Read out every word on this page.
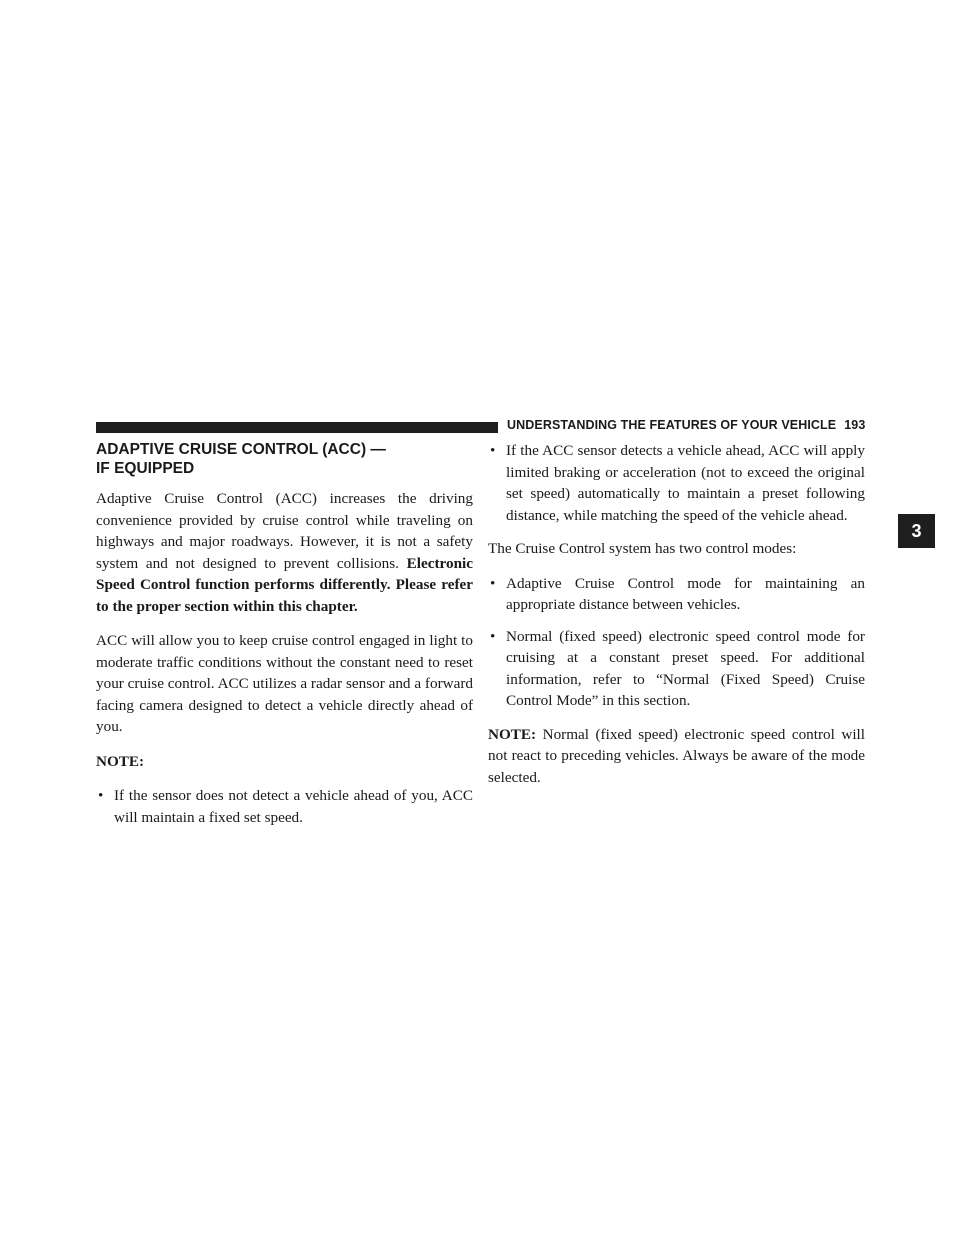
UNDERSTANDING THE FEATURES OF YOUR VEHICLE 193
3
ADAPTIVE CRUISE CONTROL (ACC) —
IF EQUIPPED

Adaptive Cruise Control (ACC) increases the driving convenience provided by cruise control while traveling on highways and major roadways. However, it is not a safety system and not designed to prevent collisions. Electronic Speed Control function performs differently. Please refer to the proper section within this chapter.

ACC will allow you to keep cruise control engaged in light to moderate traffic conditions without the constant need to reset your cruise control. ACC utilizes a radar sensor and a forward facing camera designed to detect a vehicle directly ahead of you.

NOTE:

• If the sensor does not detect a vehicle ahead of you, ACC will maintain a fixed set speed.
• If the ACC sensor detects a vehicle ahead, ACC will apply limited braking or acceleration (not to exceed the original set speed) automatically to maintain a preset following distance, while matching the speed of the vehicle ahead.

The Cruise Control system has two control modes:

• Adaptive Cruise Control mode for maintaining an appropriate distance between vehicles.
• Normal (fixed speed) electronic speed control mode for cruising at a constant preset speed. For additional information, refer to “Normal (Fixed Speed) Cruise Control Mode” in this section.

NOTE: Normal (fixed speed) electronic speed control will not react to preceding vehicles. Always be aware of the mode selected.
